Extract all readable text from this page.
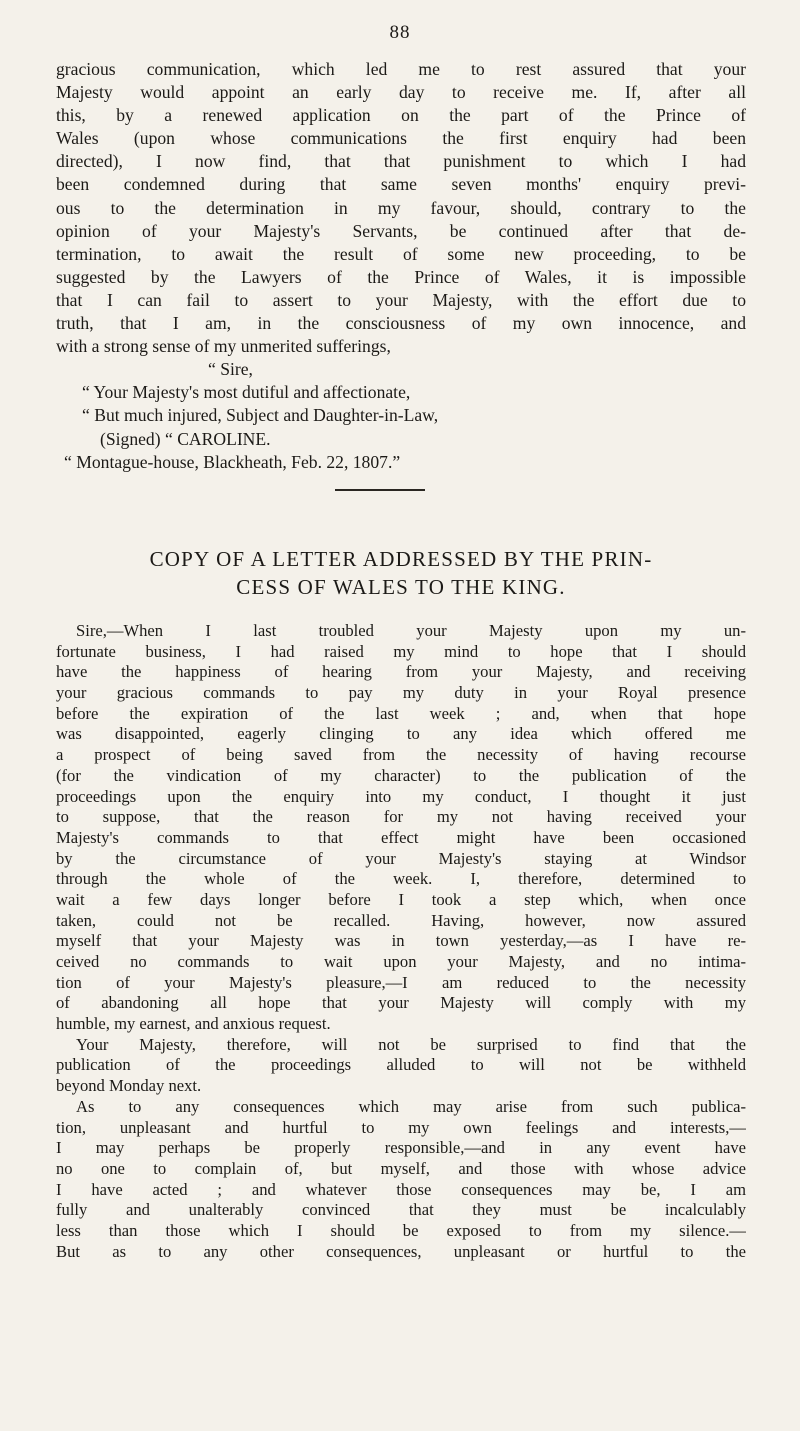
88
gracious communication, which led me to rest assured that your
Majesty would appoint an early day to receive me. If, after all
this, by a renewed application on the part of the Prince of
Wales (upon whose communications the first enquiry had been
directed), I now find, that that punishment to which I had
been condemned during that same seven months' enquiry previ-
ous to the determination in my favour, should, contrary to the
opinion of your Majesty's Servants, be continued after that de-
termination, to await the result of some new proceeding, to be
suggested by the Lawyers of the Prince of Wales, it is impossible
that I can fail to assert to your Majesty, with the effort due to
truth, that I am, in the consciousness of my own innocence, and
with a strong sense of my unmerited sufferings,
“ Sire,
“ Your Majesty's most dutiful and affectionate,
“ But much injured, Subject and Daughter-in-Law,
(Signed) “ CAROLINE.
“ Montague-house, Blackheath, Feb. 22, 1807.”
COPY OF A LETTER ADDRESSED BY THE PRIN-
CESS OF WALES TO THE KING.
Sire,—When I last troubled your Majesty upon my un-
fortunate business, I had raised my mind to hope that I should
have the happiness of hearing from your Majesty, and receiving
your gracious commands to pay my duty in your Royal presence
before the expiration of the last week ; and, when that hope
was disappointed, eagerly clinging to any idea which offered me
a prospect of being saved from the necessity of having recourse
(for the vindication of my character) to the publication of the
proceedings upon the enquiry into my conduct, I thought it just
to suppose, that the reason for my not having received your
Majesty's commands to that effect might have been occasioned
by the circumstance of your Majesty's staying at Windsor
through the whole of the week. I, therefore, determined to
wait a few days longer before I took a step which, when once
taken, could not be recalled. Having, however, now assured
myself that your Majesty was in town yesterday,—as I have re-
ceived no commands to wait upon your Majesty, and no intima-
tion of your Majesty's pleasure,—I am reduced to the necessity
of abandoning all hope that your Majesty will comply with my
humble, my earnest, and anxious request.
Your Majesty, therefore, will not be surprised to find that the
publication of the proceedings alluded to will not be withheld
beyond Monday next.
As to any consequences which may arise from such publica-
tion, unpleasant and hurtful to my own feelings and interests,—
I may perhaps be properly responsible,—and in any event have
no one to complain of, but myself, and those with whose advice
I have acted ; and whatever those consequences may be, I am
fully and unalterably convinced that they must be incalculably
less than those which I should be exposed to from my silence.—
But as to any other consequences, unpleasant or hurtful to the
